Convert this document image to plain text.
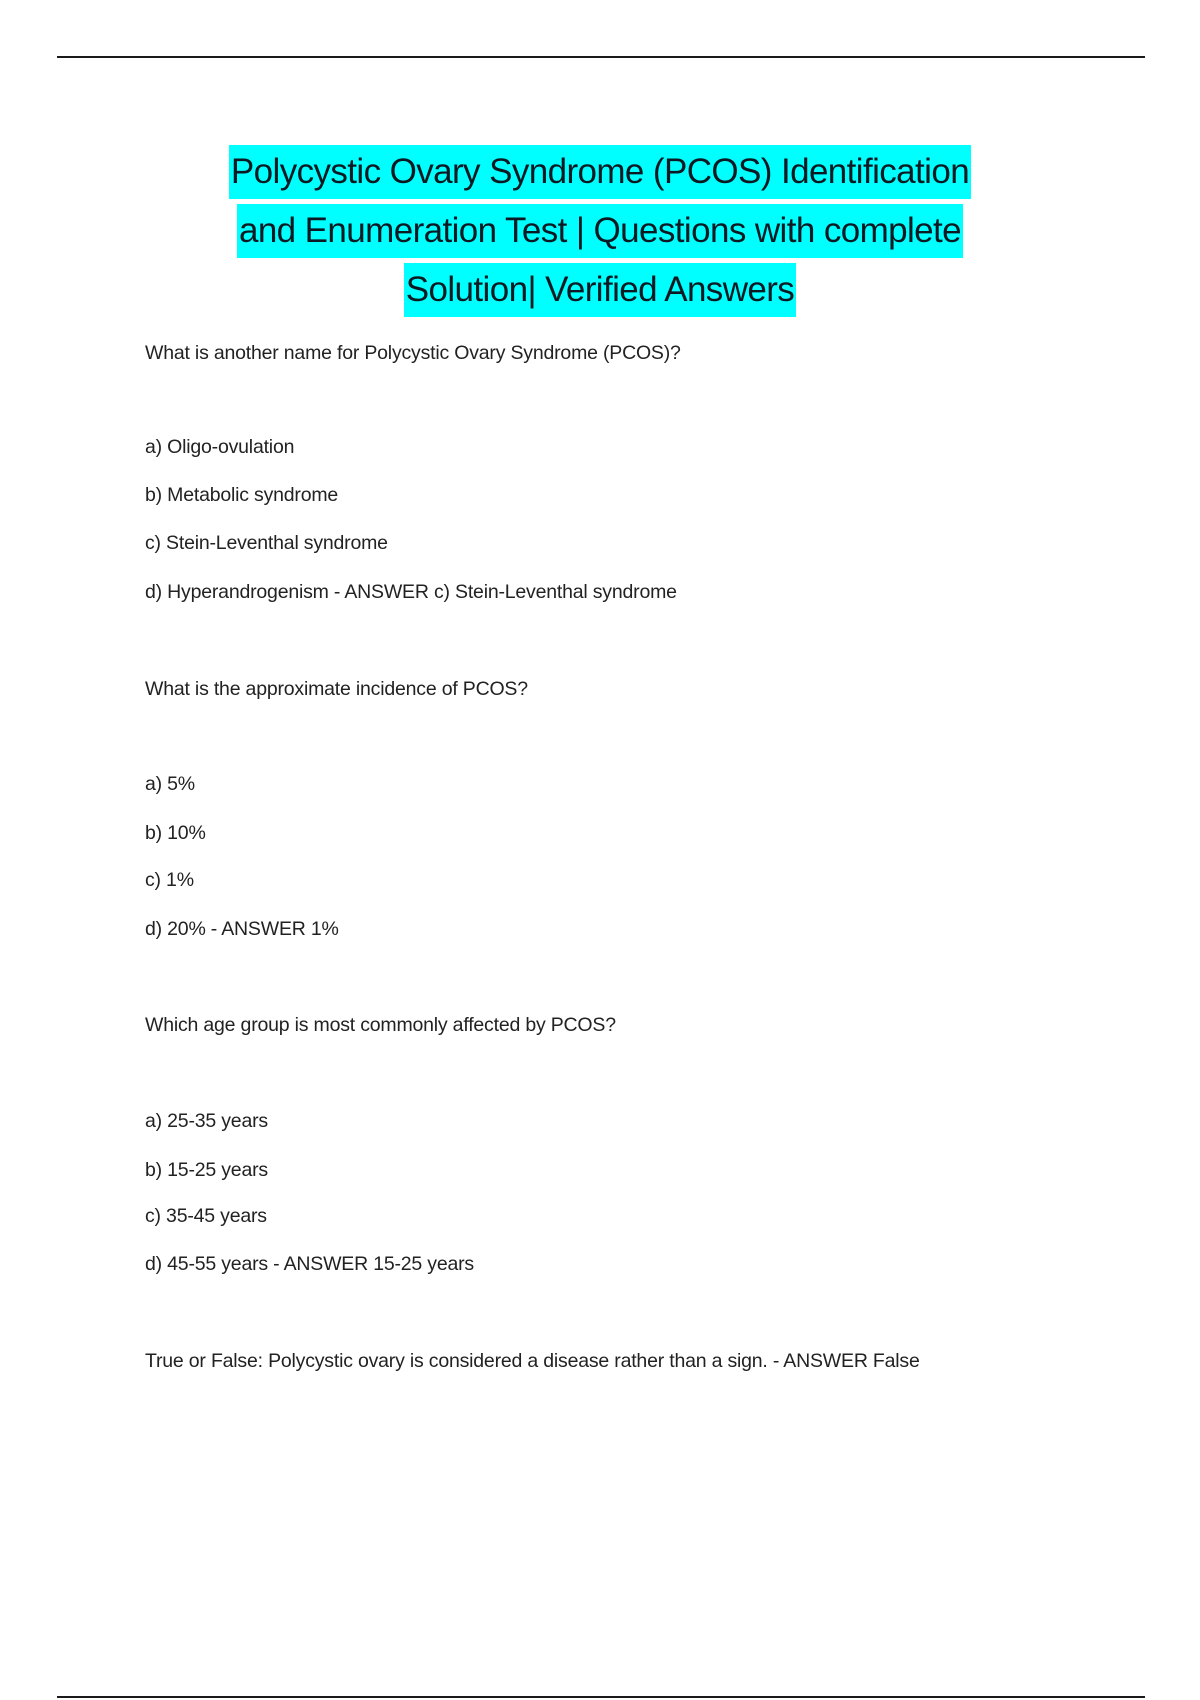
Polycystic Ovary Syndrome (PCOS) Identification
and Enumeration Test | Questions with complete
Solution| Verified Answers
What is another name for Polycystic Ovary Syndrome (PCOS)?
a) Oligo-ovulation
b) Metabolic syndrome
c) Stein-Leventhal syndrome
d) Hyperandrogenism - ANSWER c) Stein-Leventhal syndrome
What is the approximate incidence of PCOS?
a) 5%
b) 10%
c) 1%
d) 20% - ANSWER 1%
Which age group is most commonly affected by PCOS?
a) 25-35 years
b) 15-25 years
c) 35-45 years
d) 45-55 years - ANSWER 15-25 years
True or False: Polycystic ovary is considered a disease rather than a sign. - ANSWER False
